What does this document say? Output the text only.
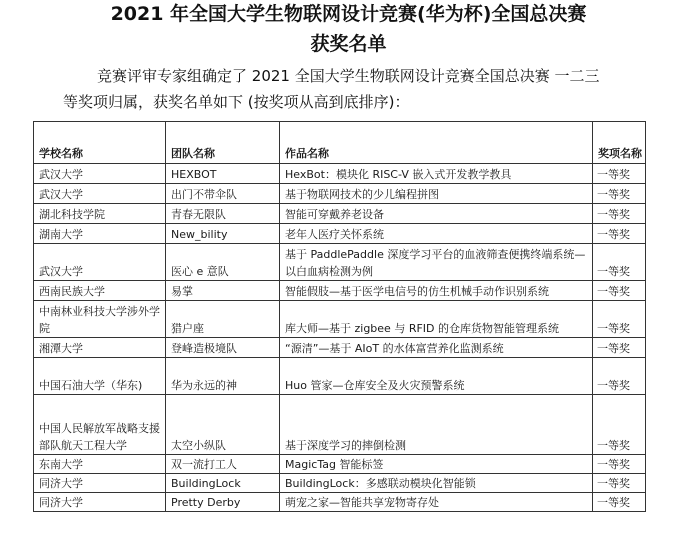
2021 年全国大学生物联网设计竞赛(华为杯)全国总决赛
获奖名单

竞赛评审专家组确定了 2021 全国大学生物联网设计竞赛全国总决赛 一二三

等奖项归属，获奖名单如下 (按奖项从高到底排序)：

学校名称	团队名称	作品名称	奖项名称
武汉大学	HEXBOT	HexBot：模块化 RISC-V 嵌入式开发教学教具	一等奖
武汉大学	出门不带伞队	基于物联网技术的少儿编程拼图	一等奖
湖北科技学院	青春无限队	智能可穿戴养老设备	一等奖
湖南大学	New_bility	老年人医疗关怀系统	一等奖
武汉大学	医心 e 意队	基于 PaddlePaddle 深度学习平台的血液筛查便携终端系统—以白血病检测为例	一等奖
西南民族大学	易掌	智能假肢—基于医学电信号的仿生机械手动作识别系统	一等奖
中南林业科技大学涉外学院	猎户座	库大师—基于 zigbee 与 RFID 的仓库货物智能管理系统	一等奖
湘潭大学	登峰造极境队	“源清”—基于 AIoT 的水体富营养化监测系统	一等奖
中国石油大学（华东)	华为永远的神	Huo 管家—仓库安全及火灾预警系统	一等奖
中国人民解放军战略支援部队航天工程大学	太空小纵队	基于深度学习的摔倒检测	一等奖
东南大学	双一流打工人	MagicTag 智能标签	一等奖
同济大学	BuildingLock	BuildingLock：多感联动模块化智能锁	一等奖
同济大学	Pretty Derby	萌宠之家—智能共享宠物寄存处	一等奖
